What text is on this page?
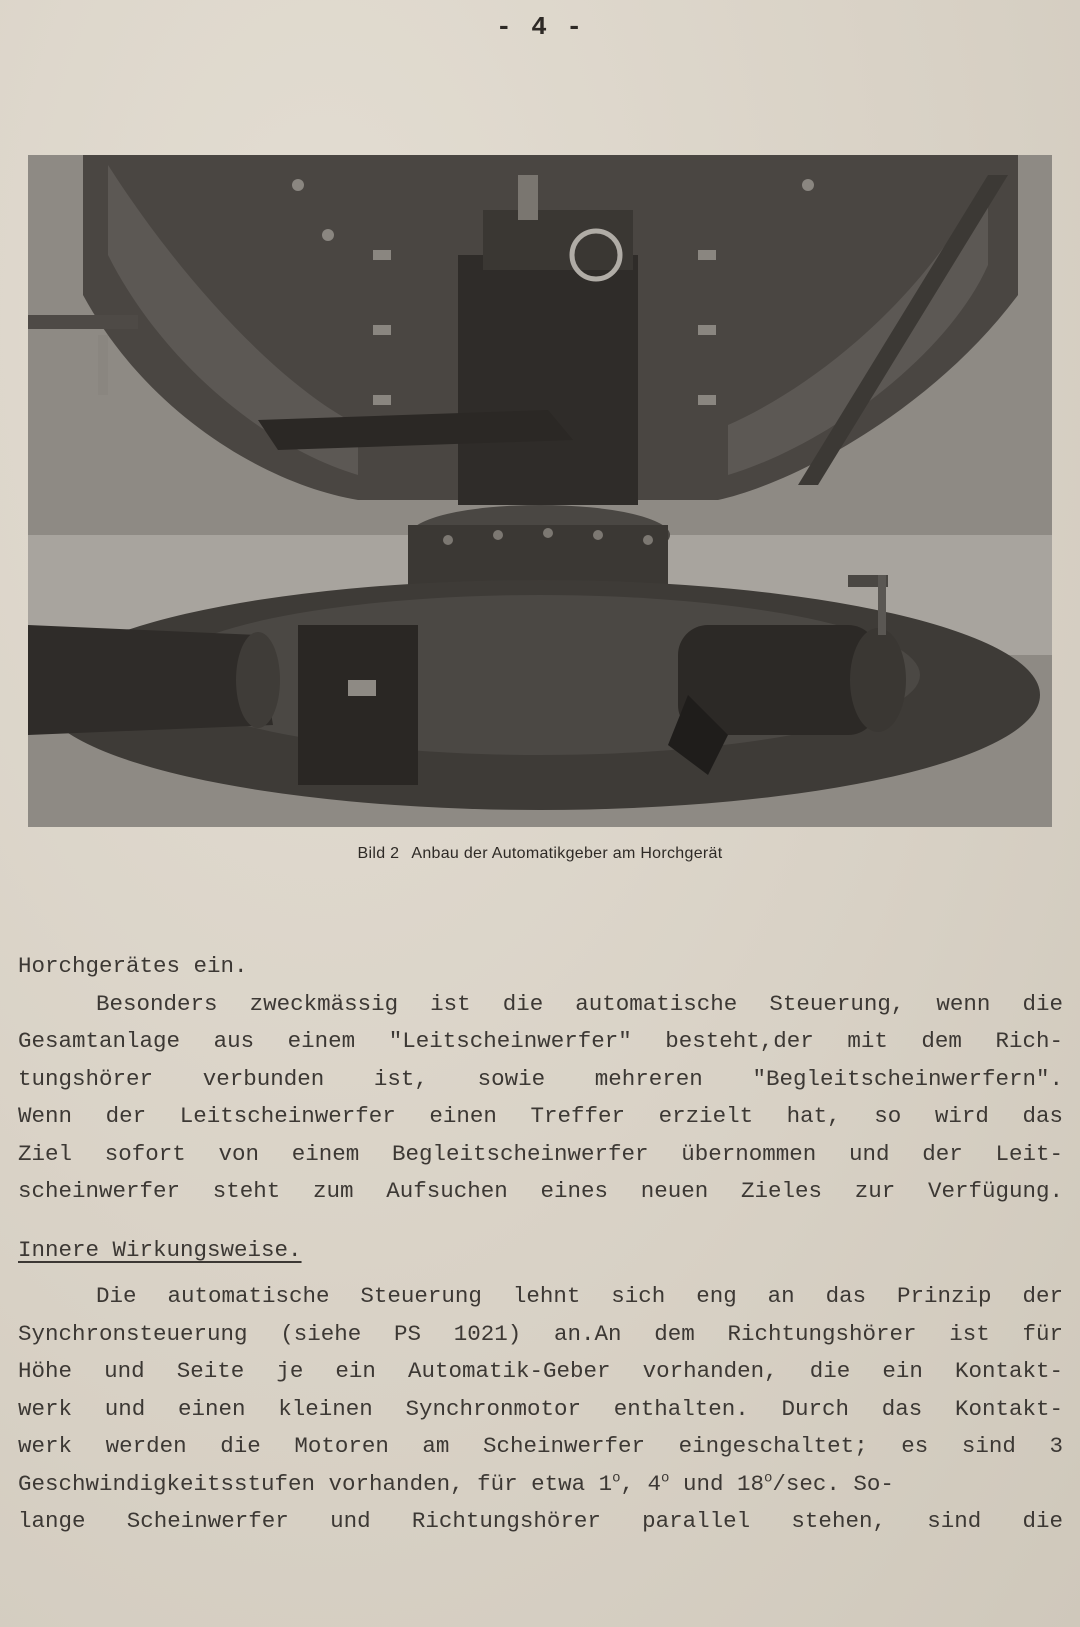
- 4 -
Bild 2 Anbau der Automatikgeber am Horchgerät
Horchgerätes ein.
Besonders zweckmässig ist die automatische Steuerung, wenn die
Gesamtanlage aus einem "Leitscheinwerfer" besteht,der mit dem Rich-
tungshörer verbunden ist, sowie mehreren "Begleitscheinwerfern".
Wenn der Leitscheinwerfer einen Treffer erzielt hat, so wird das
Ziel sofort von einem Begleitscheinwerfer übernommen und der Leit-
scheinwerfer steht zum Aufsuchen eines neuen Zieles zur Verfügung.
Innere Wirkungsweise.
Die automatische Steuerung lehnt sich eng an das Prinzip der
Synchronsteuerung (siehe PS 1021) an.An dem Richtungshörer ist für
Höhe und Seite je ein Automatik-Geber vorhanden, die ein Kontakt-
werk und einen kleinen Synchronmotor enthalten. Durch das Kontakt-
werk werden die Motoren am Scheinwerfer eingeschaltet; es sind 3
Geschwindigkeitsstufen vorhanden, für etwa 1$^o$, 4$^o$ und 18$^o$/sec. So-
lange Scheinwerfer und Richtungshörer parallel stehen, sind die
